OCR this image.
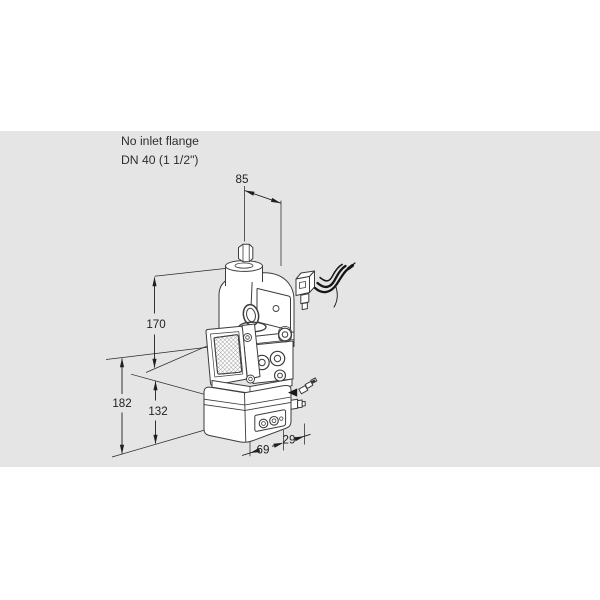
No inlet flange
DN 40 (1 1/2")
85
170
182
132
69
29
